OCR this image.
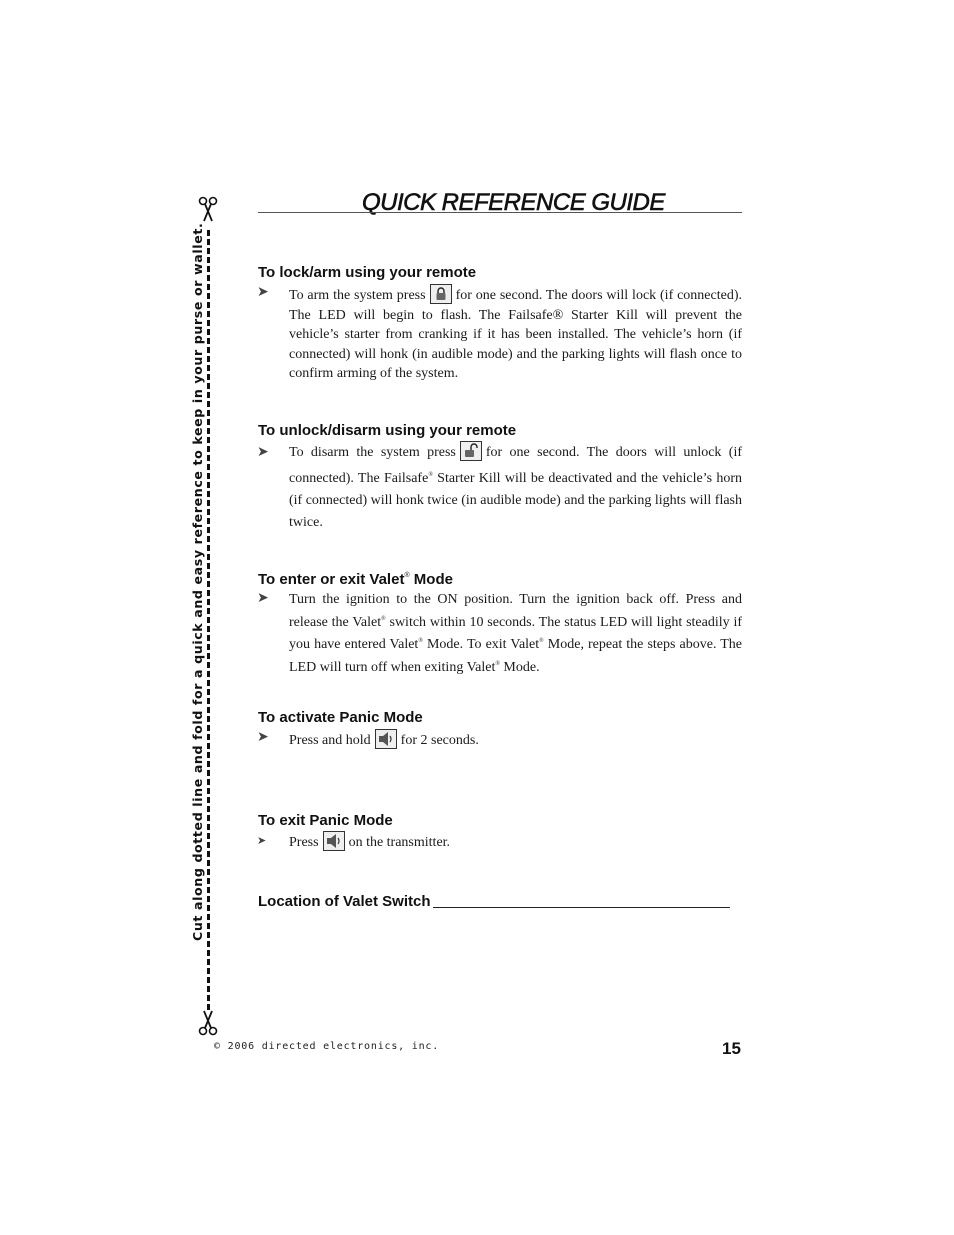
Cut along dotted line and fold for a quick and easy reference to keep in your purse or wallet.
QUICK REFERENCE GUIDE
To lock/arm using your remote
➤ To arm the system press for one second. The doors will lock (if connected). The LED will begin to flash. The Failsafe® Starter Kill will prevent the vehicle’s starter from cranking if it has been installed. The vehicle’s horn (if connected) will honk (in audible mode) and the parking lights will flash once to confirm arming of the system.

To unlock/disarm using your remote
➤ To disarm the system press for one second. The doors will unlock (if connected). The Failsafe® Starter Kill will be deactivated and the vehicle’s horn (if connected) will honk twice (in audible mode) and the parking lights will flash twice.

To enter or exit Valet® Mode
➤ Turn the ignition to the ON position. Turn the ignition back off. Press and release the Valet® switch within 10 seconds. The status LED will light steadily if you have entered Valet® Mode. To exit Valet® Mode, repeat the steps above. The LED will turn off when exiting Valet® Mode.

To activate Panic Mode
➤ Press and hold for 2 seconds.

To exit Panic Mode
➤ Press on the transmitter.

Location of Valet Switch
© 2006 directed electronics, inc.	15
